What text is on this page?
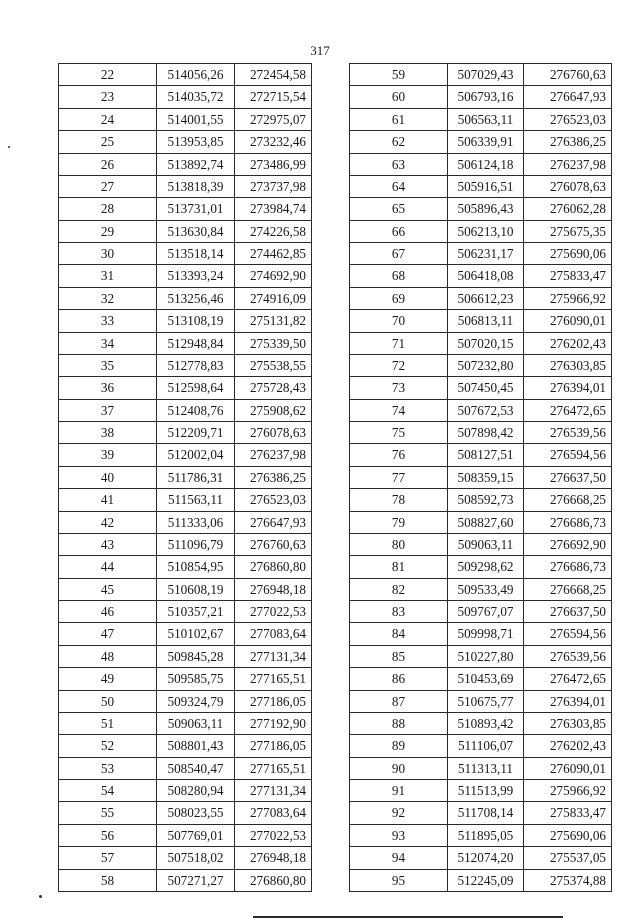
317
22	514056,26	272454,58
23	514035,72	272715,54
24	514001,55	272975,07
25	513953,85	273232,46
26	513892,74	273486,99
27	513818,39	273737,98
28	513731,01	273984,74
29	513630,84	274226,58
30	513518,14	274462,85
31	513393,24	274692,90
32	513256,46	274916,09
33	513108,19	275131,82
34	512948,84	275339,50
35	512778,83	275538,55
36	512598,64	275728,43
37	512408,76	275908,62
38	512209,71	276078,63
39	512002,04	276237,98
40	511786,31	276386,25
41	511563,11	276523,03
42	511333,06	276647,93
43	511096,79	276760,63
44	510854,95	276860,80
45	510608,19	276948,18
46	510357,21	277022,53
47	510102,67	277083,64
48	509845,28	277131,34
49	509585,75	277165,51
50	509324,79	277186,05
51	509063,11	277192,90
52	508801,43	277186,05
53	508540,47	277165,51
54	508280,94	277131,34
55	508023,55	277083,64
56	507769,01	277022,53
57	507518,02	276948,18
58	507271,27	276860,80
59	507029,43	276760,63
60	506793,16	276647,93
61	506563,11	276523,03
62	506339,91	276386,25
63	506124,18	276237,98
64	505916,51	276078,63
65	505896,43	276062,28
66	506213,10	275675,35
67	506231,17	275690,06
68	506418,08	275833,47
69	506612,23	275966,92
70	506813,11	276090,01
71	507020,15	276202,43
72	507232,80	276303,85
73	507450,45	276394,01
74	507672,53	276472,65
75	507898,42	276539,56
76	508127,51	276594,56
77	508359,15	276637,50
78	508592,73	276668,25
79	508827,60	276686,73
80	509063,11	276692,90
81	509298,62	276686,73
82	509533,49	276668,25
83	509767,07	276637,50
84	509998,71	276594,56
85	510227,80	276539,56
86	510453,69	276472,65
87	510675,77	276394,01
88	510893,42	276303,85
89	511106,07	276202,43
90	511313,11	276090,01
91	511513,99	275966,92
92	511708,14	275833,47
93	511895,05	275690,06
94	512074,20	275537,05
95	512245,09	275374,88
